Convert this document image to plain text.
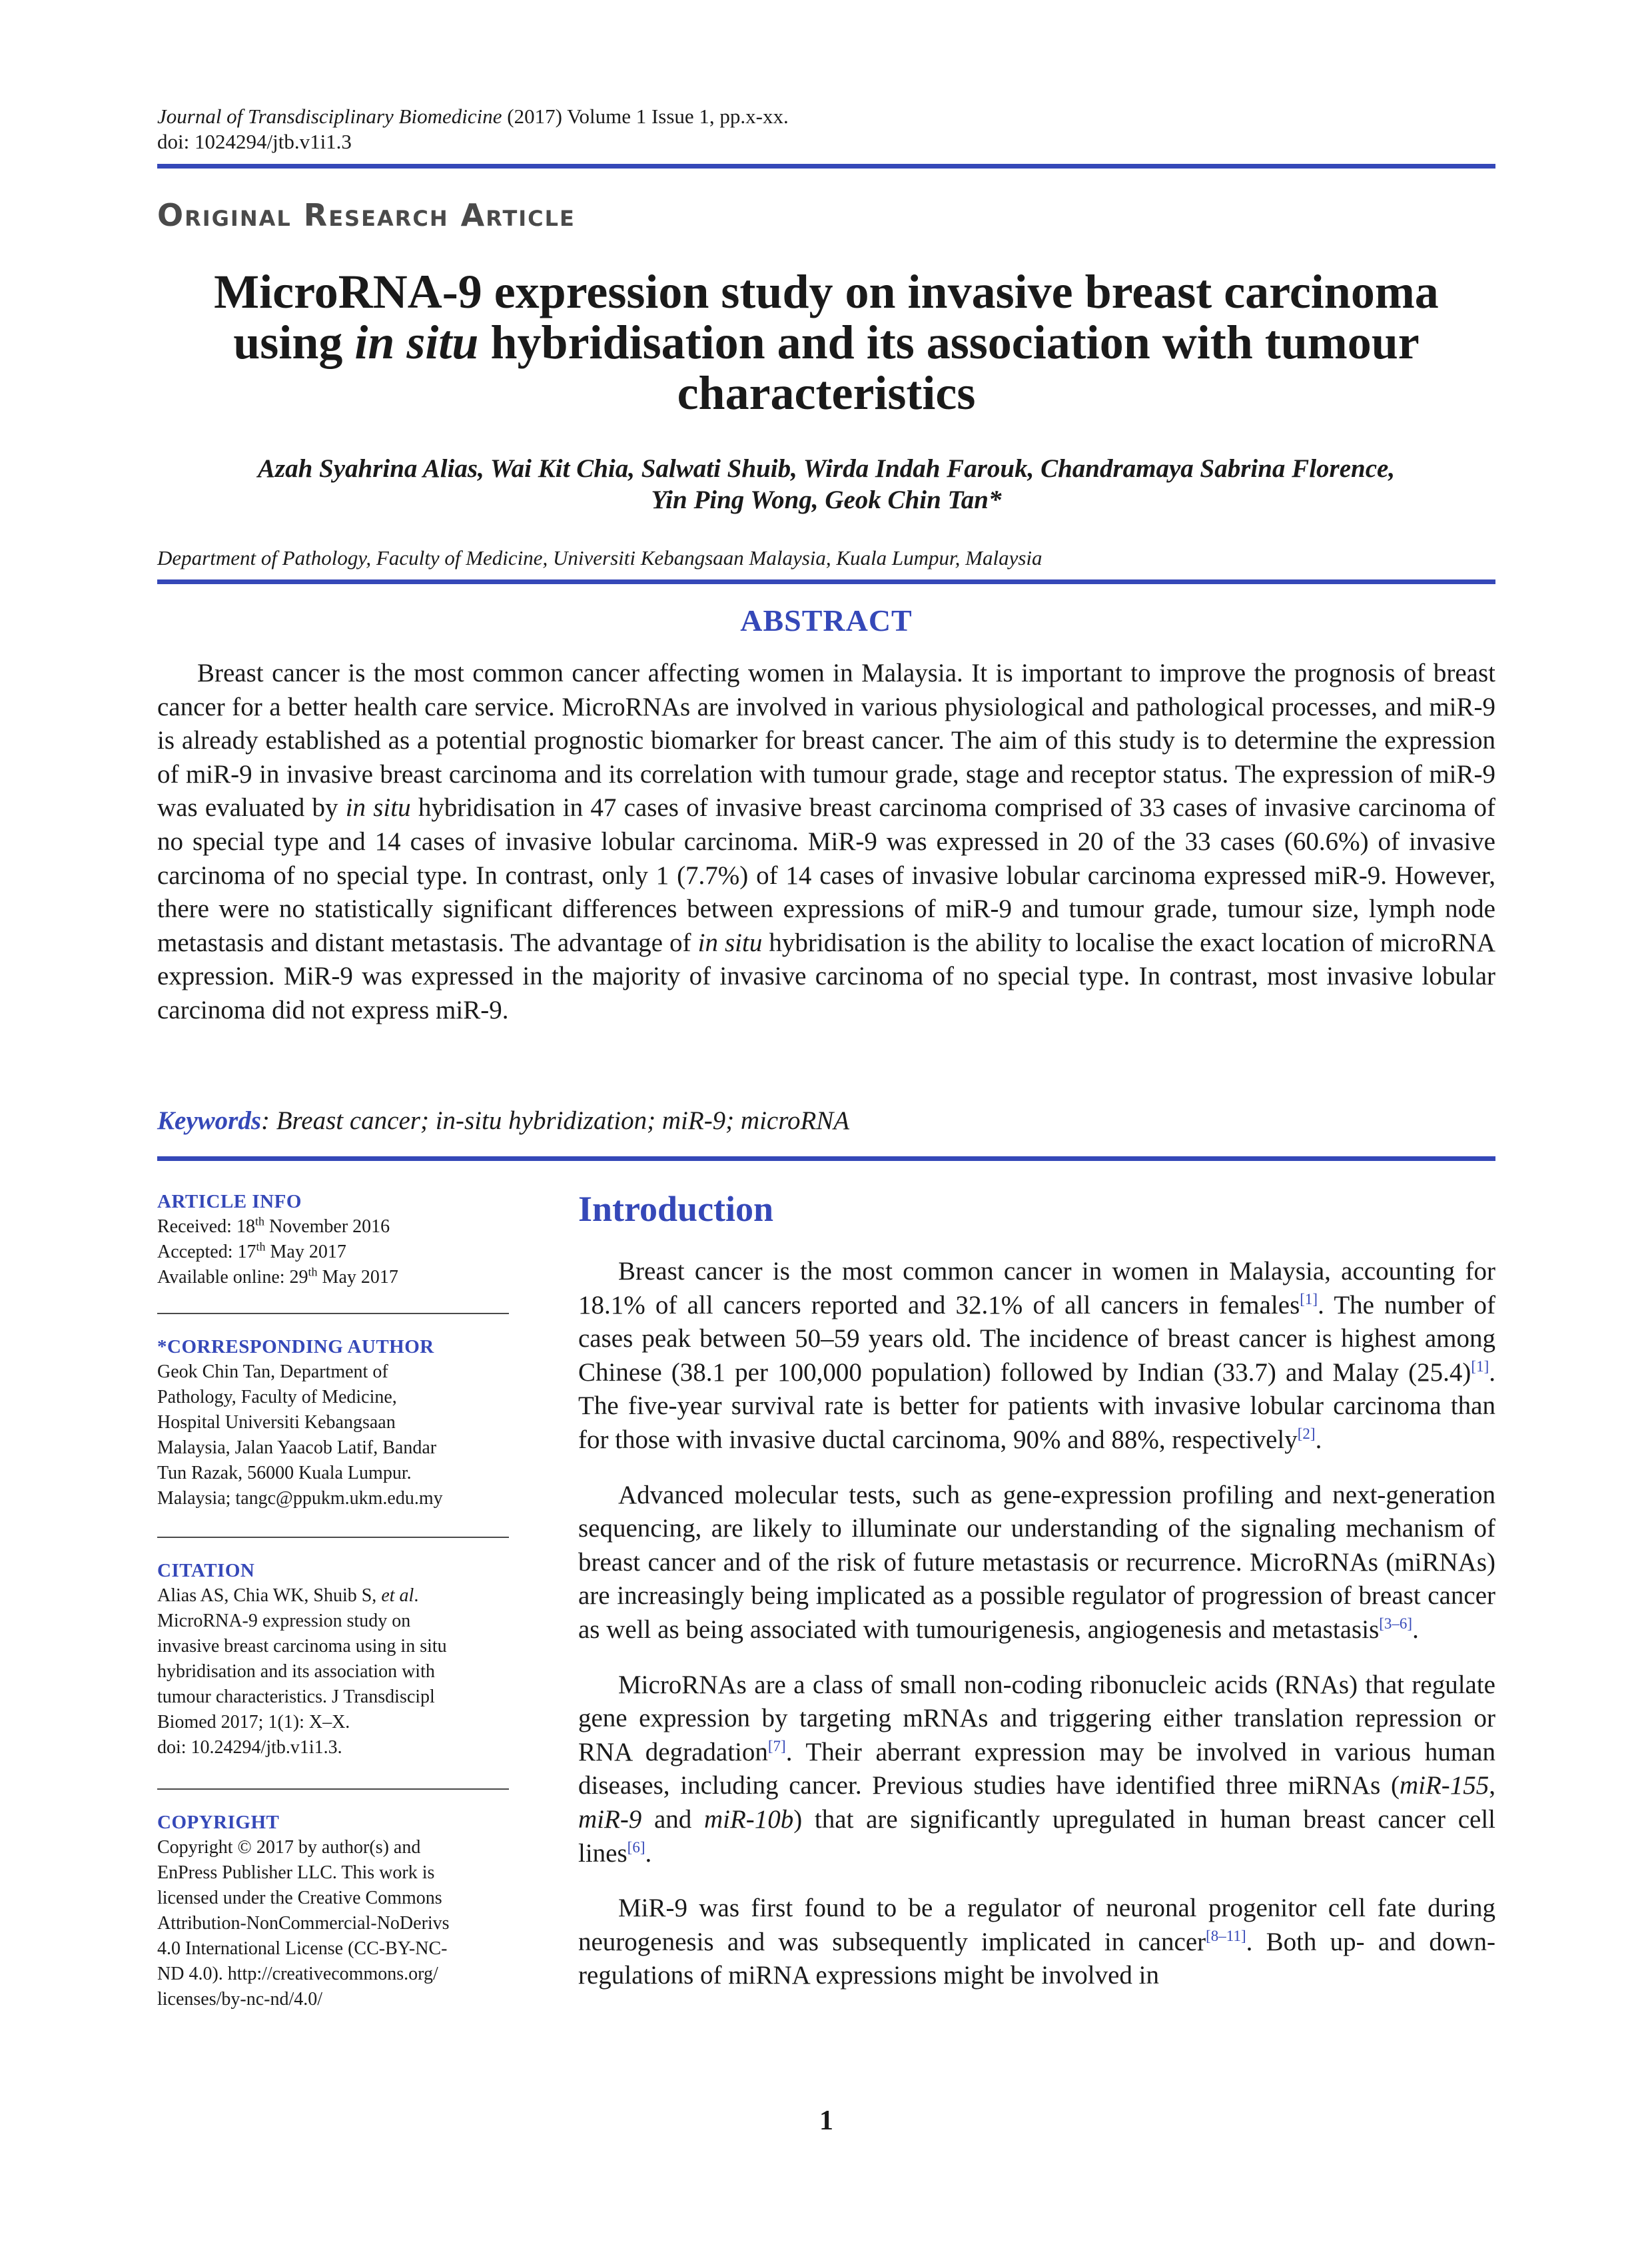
Journal of Transdisciplinary Biomedicine (2017) Volume 1 Issue 1, pp.x-xx.
doi: 1024294/jtb.v1i1.3
Original Research Article
MicroRNA-9 expression study on invasive breast carcinoma
using in situ hybridisation and its association with tumour
characteristics
Azah Syahrina Alias, Wai Kit Chia, Salwati Shuib, Wirda Indah Farouk, Chandramaya Sabrina Florence,
Yin Ping Wong, Geok Chin Tan*
Department of Pathology, Faculty of Medicine, Universiti Kebangsaan Malaysia, Kuala Lumpur, Malaysia
ABSTRACT
Breast cancer is the most common cancer affecting women in Malaysia. It is important to improve the prognosis of breast cancer for a better health care service. MicroRNAs are involved in various physiological and pathological processes, and miR-9 is already established as a potential prognostic biomarker for breast cancer. The aim of this study is to determine the expression of miR-9 in invasive breast carcinoma and its correlation with tumour grade, stage and receptor status. The expression of miR-9 was evaluated by in situ hybridisation in 47 cases of invasive breast carcinoma comprised of 33 cases of invasive carcinoma of no special type and 14 cases of invasive lobular carcinoma. MiR-9 was expressed in 20 of the 33 cases (60.6%) of invasive carcinoma of no special type. In contrast, only 1 (7.7%) of 14 cases of invasive lobular carcinoma expressed miR-9. However, there were no statistically significant differences between expressions of miR-9 and tumour grade, tumour size, lymph node metastasis and distant metastasis. The advantage of in situ hybridisation is the ability to localise the exact location of microRNA expression. MiR-9 was expressed in the majority of invasive carcinoma of no special type. In contrast, most invasive lobular carcinoma did not express miR-9.
Keywords: Breast cancer; in-situ hybridization; miR-9; microRNA
ARTICLE INFO
Received: 18th November 2016
Accepted: 17th May 2017
Available online: 29th May 2017
*CORRESPONDING AUTHOR
Geok Chin Tan, Department of
Pathology, Faculty of Medicine,
Hospital Universiti Kebangsaan
Malaysia, Jalan Yaacob Latif, Bandar
Tun Razak, 56000 Kuala Lumpur.
Malaysia; tangc@ppukm.ukm.edu.my
CITATION
Alias AS, Chia WK, Shuib S, et al.
MicroRNA-9 expression study on
invasive breast carcinoma using in situ
hybridisation and its association with
tumour characteristics. J Transdiscipl
Biomed 2017; 1(1): X–X.
doi: 10.24294/jtb.v1i1.3.
COPYRIGHT
Copyright © 2017 by author(s) and
EnPress Publisher LLC. This work is
licensed under the Creative Commons
Attribution-NonCommercial-NoDerivs
4.0 International License (CC-BY-NC-
ND 4.0). http://creativecommons.org/
licenses/by-nc-nd/4.0/
Introduction

Breast cancer is the most common cancer in women in Malaysia, accounting for 18.1% of all cancers reported and 32.1% of all cancers in females[1]. The number of cases peak between 50–59 years old. The incidence of breast cancer is highest among Chinese (38.1 per 100,000 population) followed by Indian (33.7) and Malay (25.4)[1]. The five-year survival rate is better for patients with invasive lobular carcinoma than for those with invasive ductal carcinoma, 90% and 88%, respectively[2].

Advanced molecular tests, such as gene-expression profiling and next-generation sequencing, are likely to illuminate our understanding of the signaling mechanism of breast cancer and of the risk of future metastasis or recurrence. MicroRNAs (miRNAs) are increasingly being implicated as a possible regulator of progression of breast cancer as well as being associated with tumourigenesis, angiogenesis and metastasis[3–6].

MicroRNAs are a class of small non-coding ribonucleic acids (RNAs) that regulate gene expression by targeting mRNAs and triggering either translation repression or RNA degradation[7]. Their aberrant expression may be involved in various human diseases, including cancer. Previous studies have identified three miRNAs (miR-155, miR-9 and miR-10b) that are significantly upregulated in human breast cancer cell lines[6].

MiR-9 was first found to be a regulator of neuronal progenitor cell fate during neurogenesis and was subsequently implicated in cancer[8–11]. Both up- and down-regulations of miRNA expressions might be involved in

1
